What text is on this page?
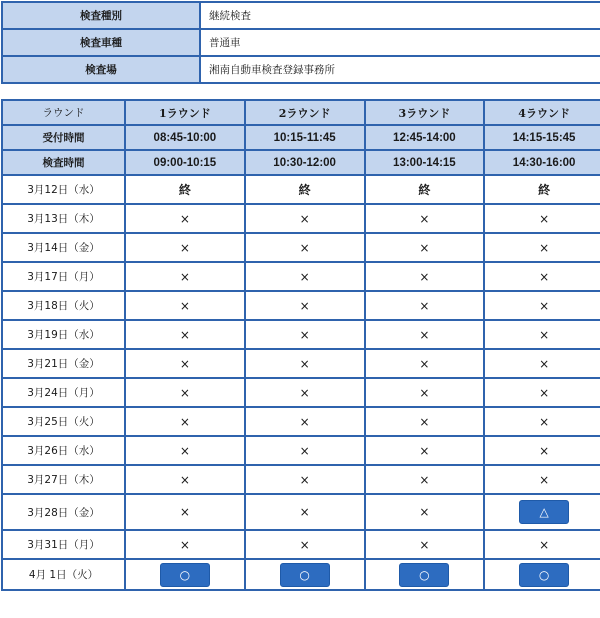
検査種別	継続検査
検査車種	普通車
検査場	湘南自動車検査登録事務所
ラウンド	1ラウンド	2ラウンド	3ラウンド	4ラウンド
受付時間	08:45-10:00	10:15-11:45	12:45-14:00	14:15-15:45
検査時間	09:00-10:15	10:30-12:00	13:00-14:15	14:30-16:00
3月12日（水）	終	終	終	終
3月13日（木）	×	×	×	×
3月14日（金）	×	×	×	×
3月17日（月）	×	×	×	×
3月18日（火）	×	×	×	×
3月19日（水）	×	×	×	×
3月21日（金）	×	×	×	×
3月24日（月）	×	×	×	×
3月25日（火）	×	×	×	×
3月26日（水）	×	×	×	×
3月27日（木）	×	×	×	×
3月28日（金）	×	×	×	△
3月31日（月）	×	×	×	×
4月 1日（火）	○	○	○	○
